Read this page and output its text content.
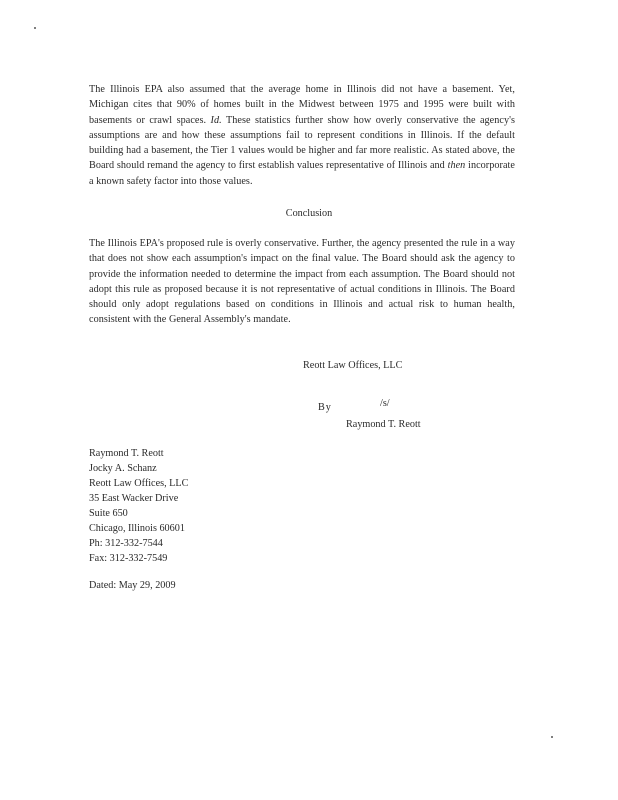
The Illinois EPA also assumed that the average home in Illinois did not have a basement. Yet, Michigan cites that 90% of homes built in the Midwest between 1975 and 1995 were built with basements or crawl spaces. Id. These statistics further show how overly conservative the agency's assumptions are and how these assumptions fail to represent conditions in Illinois. If the default building had a basement, the Tier 1 values would be higher and far more realistic. As stated above, the Board should remand the agency to first establish values representative of Illinois and then incorporate a known safety factor into those values.
Conclusion
The Illinois EPA's proposed rule is overly conservative. Further, the agency presented the rule in a way that does not show each assumption's impact on the final value. The Board should ask the agency to provide the information needed to determine the impact from each assumption. The Board should not adopt this rule as proposed because it is not representative of actual conditions in Illinois. The Board should only adopt regulations based on conditions in Illinois and actual risk to human health, consistent with the General Assembly's mandate.
Reott Law Offices, LLC
By	/s/
Raymond T. Reott
Raymond T. Reott
Jocky A. Schanz
Reott Law Offices, LLC
35 East Wacker Drive
Suite 650
Chicago, Illinois 60601
Ph: 312-332-7544
Fax: 312-332-7549
Dated: May 29, 2009
